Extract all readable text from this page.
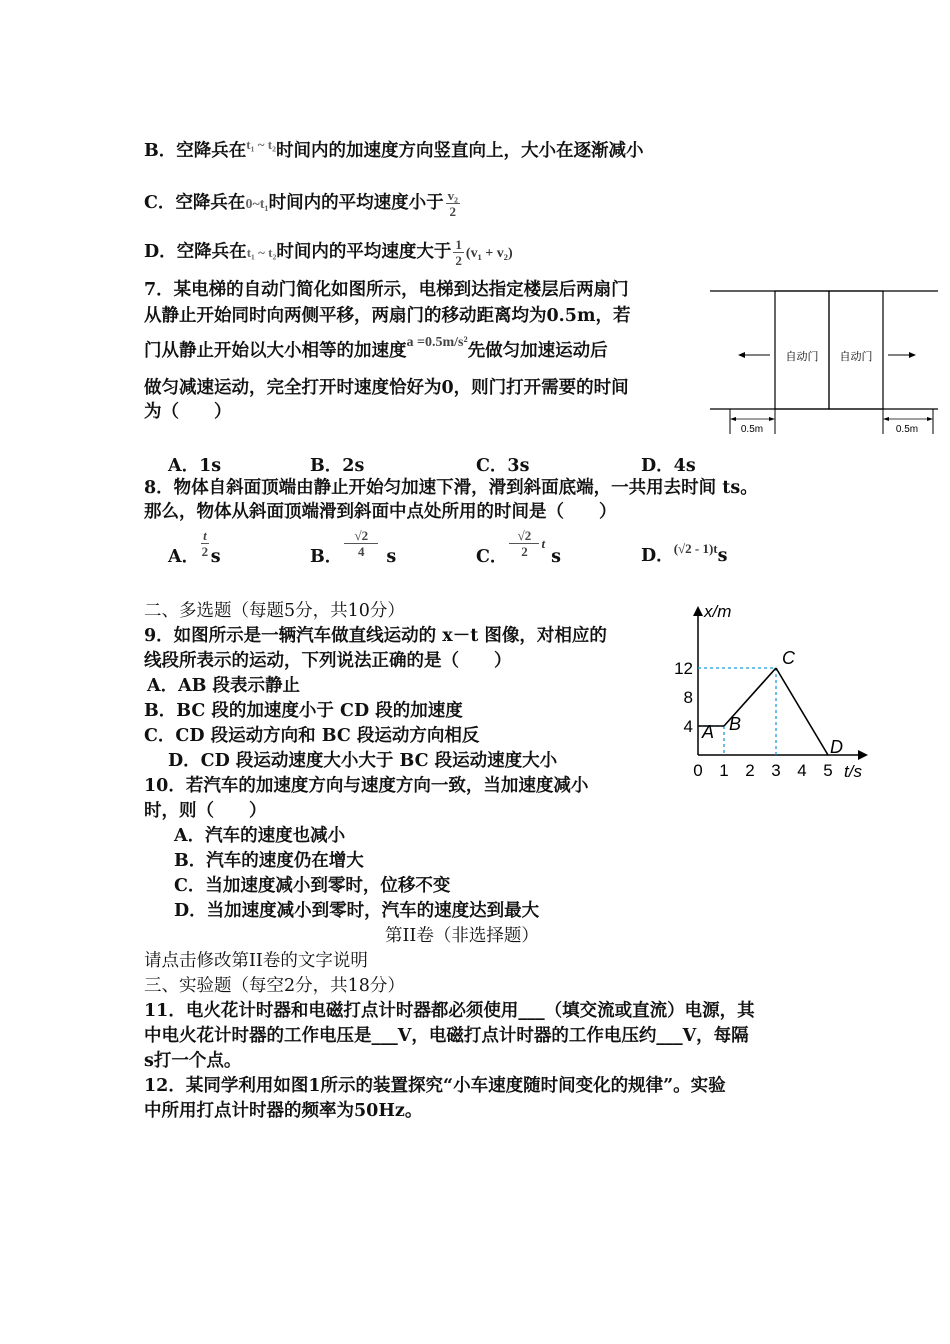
B．空降兵在$^{t_1 \sim t_2}$时间内的加速度方向竖直向上，大小在逐渐减小
C．空降兵在0~t₁时间内的平均速度小于 $\frac{\text{v₂}}{2}$
D．空降兵在t₁ ~ t₂时间内的平均速度大于 $\frac{1}{2} (v_1 + v_2)$
7．某电梯的自动门简化如图所示，电梯到达指定楼层后两扇门
从静止开始同时向两侧平移，两扇门的移动距离均为0.5m，若
门从静止开始以大小相等的加速度$^{a =0.5m/s^2}$先做匀加速运动后
做匀减速运动，完全打开时速度恰好为0，则门打开需要的时间
为（　　）
A．1s	B．2s	C．3s	D．4s
自动门 自动门
0.5m	0.5m
8．物体自斜面顶端由静止开始匀加速下滑，滑到斜面底端，一共用去时间 ts。
那么，物体从斜面顶端滑到斜面中点处所用的时间是（　　）
A． $\frac{t}{2}$ s	B． $\frac{√2}{4}$ s	C． $\frac{√2}{2}$ t s	D．$^{(√2 - 1)t}$s
二、多选题（每题5分，共10分）
9．如图所示是一辆汽车做直线运动的 x－t 图像，对相应的
线段所表示的运动，下列说法正确的是（　　）
A．AB 段表示静止
B．BC 段的加速度小于 CD 段的加速度
C．CD 段运动方向和 BC 段运动方向相反
D．CD 段运动速度大小大于 BC 段运动速度大小
x/m
t/s
0 1 2 3 4 5
4
8
12
A B
C
D
10．若汽车的加速度方向与速度方向一致，当加速度减小
时，则（　　）
A．汽车的速度也减小
B．汽车的速度仍在增大
C．当加速度减小到零时，位移不变
D．当加速度减小到零时，汽车的速度达到最大
第II卷（非选择题）
请点击修改第II卷的文字说明
三、实验题（每空2分，共18分）
11．电火花计时器和电磁打点计时器都必须使用___（填交流或直流）电源，其
中电火花计时器的工作电压是___V，电磁打点计时器的工作电压约___V，每隔
s打一个点。
12．某同学利用如图1所示的装置探究“小车速度随时间变化的规律”。实验
中所用打点计时器的频率为50Hz。
